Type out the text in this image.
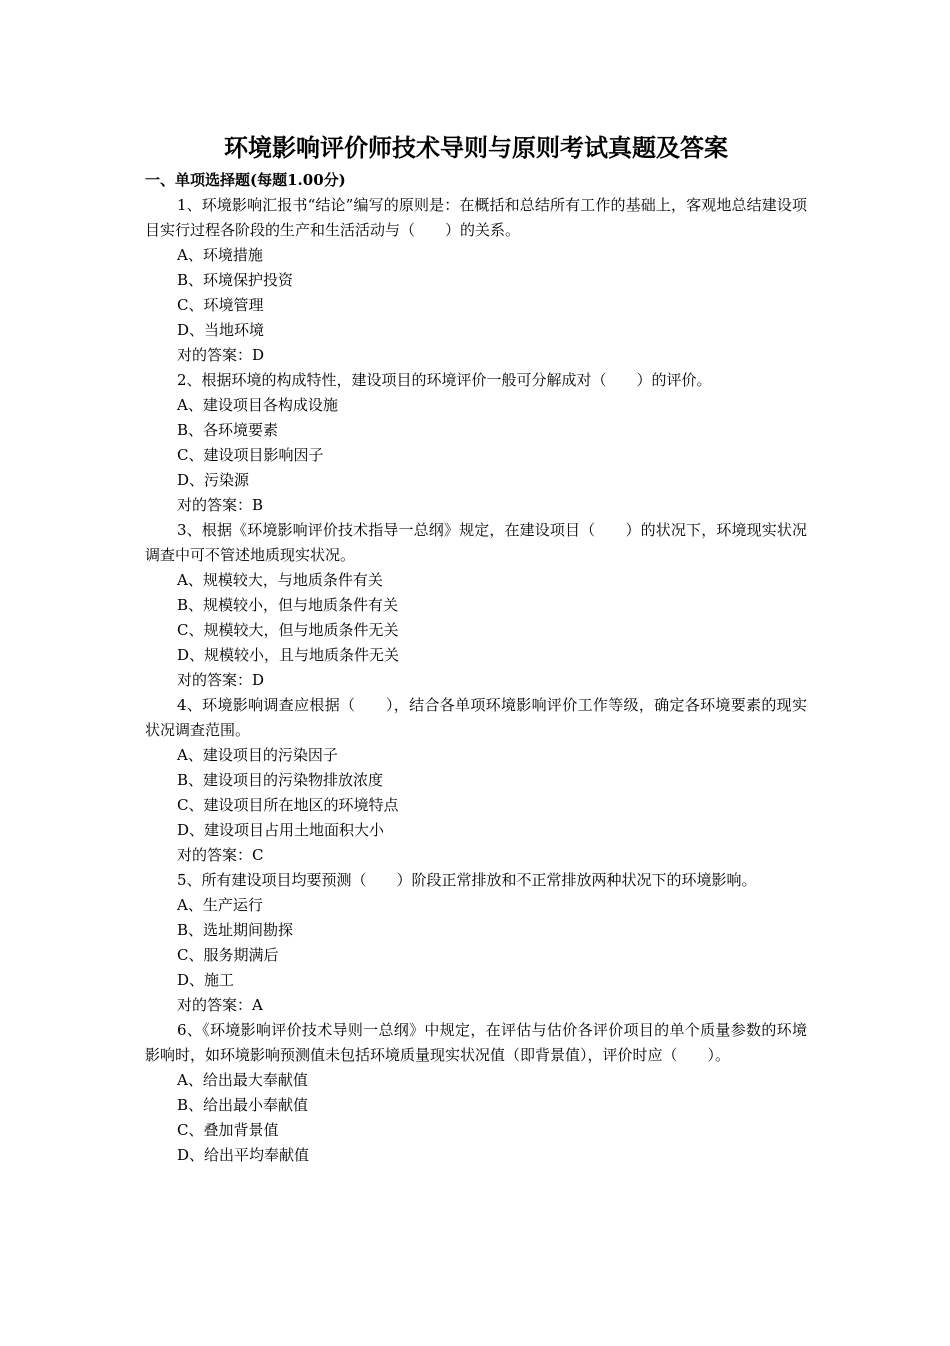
环境影响评价师技术导则与原则考试真题及答案

一、单项选择题(每题1.00分)

1、环境影响汇报书“结论”编写的原则是：在概括和总结所有工作的基础上，客观地总结建设项目实行过程各阶段的生产和生活活动与（　　）的关系。

A、环境措施

B、环境保护投资

C、环境管理

D、当地环境

对的答案：D

2、根据环境的构成特性，建设项目的环境评价一般可分解成对（　　）的评价。

A、建设项目各构成设施

B、各环境要素

C、建设项目影响因子

D、污染源

对的答案：B

3、根据《环境影响评价技术指导一总纲》规定，在建设项目（　　）的状况下，环境现实状况调查中可不管述地质现实状况。

A、规模较大，与地质条件有关

B、规模较小，但与地质条件有关

C、规模较大，但与地质条件无关

D、规模较小，且与地质条件无关

对的答案：D

4、环境影响调查应根据（　　），结合各单项环境影响评价工作等级，确定各环境要素的现实状况调查范围。

A、建设项目的污染因子

B、建设项目的污染物排放浓度

C、建设项目所在地区的环境特点

D、建设项目占用土地面积大小

对的答案：C

5、所有建设项目均要预测（　　）阶段正常排放和不正常排放两种状况下的环境影响。

A、生产运行

B、选址期间勘探

C、服务期满后

D、施工

对的答案：A

6、《环境影响评价技术导则一总纲》中规定，在评估与估价各评价项目的单个质量参数的环境影响时，如环境影响预测值未包括环境质量现实状况值（即背景值），评价时应（　　）。

A、给出最大奉献值

B、给出最小奉献值

C、叠加背景值

D、给出平均奉献值
